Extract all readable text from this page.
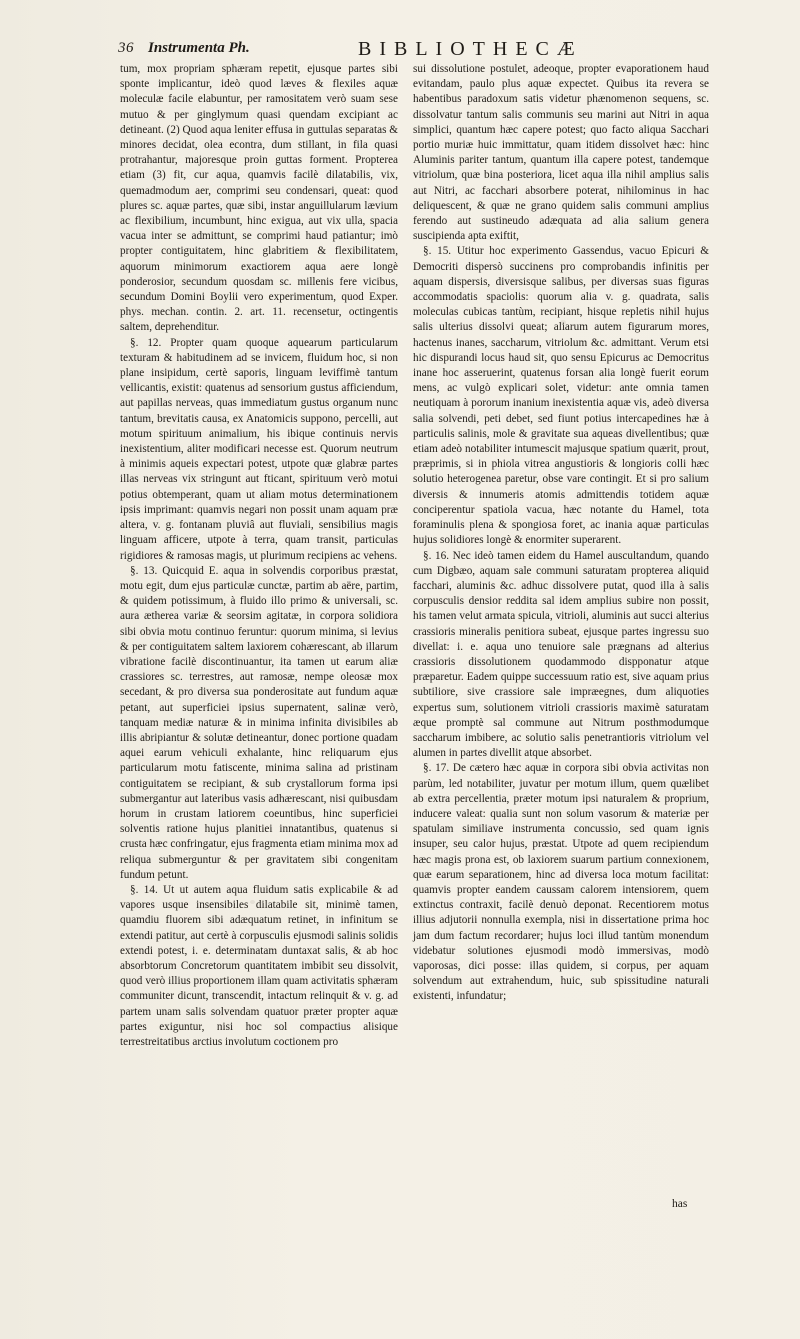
36 Instrumenta Ph.	BIBLIOTHECÆ

tum, mox propriam sphæram repetit, ejusque partes sibi sponte implicantur, ideò quod læves & flexiles aquæ moleculæ facile elabuntur, per ramositatem verò suam sese mutuo & per ginglymum quasi quendam excipiant ac detineant. (2) Quod aqua leniter effusa in guttulas separatas & minores decidat, olea econtra, dum stillant, in fila quasi protrahantur, majoresque proin guttas forment. Propterea etiam (3) fit, cur aqua, quamvis facilè dilatabilis, vix, quemadmodum aer, comprimi seu condensari, queat: quod plures sc. aquæ partes, quæ sibi, instar anguillularum lævium ac flexibilium, incumbunt, hinc exigua, aut vix ulla, spacia vacua inter se admittunt, se comprimi haud patiantur; imò propter contiguitatem, hinc glabritiem & flexibilitatem, aquorum minimorum exactiorem aqua aere longè ponderosior, secundum quosdam sc. millenis fere vicibus, secundum Domini Boylii vero experimentum, quod Exper. phys. mechan. contin. 2. art. 11. recensetur, octingentis saltem, deprehenditur.

§. 12. Propter quam quoque aquearum particularum texturam & habitudinem ad se invicem, fluidum hoc, si non plane insipidum, certè saporis, linguam leviffimè tantum vellicantis, existit: quatenus ad sensorium gustus afficiendum, aut papillas nerveas, quas immediatum gustus organum nunc tantum, brevitatis causa, ex Anatomicis suppono, percelli, aut motum spirituum animalium, his ibique continuis nervis inexistentium, aliter modificari necesse est. Quorum neutrum à minimis aqueis expectari potest, utpote quæ glabræ partes illas nerveas vix stringunt aut fticant, spirituum verò motui potius obtemperant, quam ut aliam motus determinationem ipsis imprimant: quamvis negari non possit unam aquam præ altera, v. g. fontanam pluviâ aut fluviali, sensibilius magis linguam afficere, utpote à terra, quam transit, particulas rigidiores & ramosas magis, ut plurimum recipiens ac vehens.

§. 13. Quicquid E. aqua in solvendis corporibus præstat, motu egit, dum ejus particulæ cunctæ, partim ab aëre, partim, & quidem potissimum, à fluido illo primo & universali, sc. aura ætherea variæ & seorsim agitatæ, in corpora solidiora sibi obvia motu continuo feruntur: quorum minima, si levius & per contiguitatem saltem laxiorem cohærescant, ab illarum vibratione facilè discontinuantur, ita tamen ut earum aliæ crassiores sc. terrestres, aut ramosæ, nempe oleosæ mox secedant, & pro diversa sua ponderositate aut fundum aquæ petant, aut superficiei ipsius supernatent, salinæ verò, tanquam mediæ naturæ & in minima infinita divisibiles ab illis abripiantur & solutæ detineantur, donec portione quadam aquei earum vehiculi exhalante, hinc reliquarum ejus particularum motu fatiscente, minima salina ad pristinam contiguitatem se recipiant, & sub crystallorum forma ipsi submergantur aut lateribus vasis adhærescant, nisi quibusdam horum in crustam latiorem coeuntibus, hinc superficiei solventis ratione hujus planitiei innatantibus, quatenus si crusta hæc confringatur, ejus fragmenta etiam minima mox ad reliqua submerguntur & per gravitatem sibi congenitam fundum petunt.

§. 14. Ut ut autem aqua fluidum satis explicabile & ad vapores usque insensibiles dilatabile sit, minimè tamen, quamdiu fluorem sibi adæquatum retinet, in infinitum se extendi patitur, aut certè à corpusculis ejusmodi salinis solidis extendi potest, i. e. determinatam duntaxat salis, & ab hoc absorbtorum Concretorum quantitatem imbibit seu dissolvit, quod verò illius proportionem illam quam activitatis sphæram communiter dicunt, transcendit, intactum relinquit & v. g. ad partem unam salis solvendam quatuor præter propter aquæ partes exiguntur, nisi hoc sol compactius alisique terrestreitatibus arctius involutum coctionem pro

sui dissolutione postulet, adeoque, propter evaporationem haud evitandam, paulo plus aquæ expectet. Quibus ita revera se habentibus paradoxum satis videtur phænomenon sequens, sc. dissolvatur tantum salis communis seu marini aut Nitri in aqua simplici, quantum hæc capere potest; quo facto aliqua Sacchari portio muriæ huic immittatur, quam itidem dissolvet hæc: hinc Aluminis pariter tantum, quantum illa capere potest, tandemque vitriolum, quæ bina posteriora, licet aqua illa nihil amplius salis aut Nitri, ac facchari absorbere poterat, nihilominus in hac deliquescent, & quæ ne grano quidem salis communi amplius ferendo aut sustineudo adæquata ad alia salium genera suscipienda apta exiftit,

§. 15. Utitur hoc experimento Gassendus, vacuo Epicuri & Democriti dispersò succinens pro comprobandis infinitis per aquam dispersis, diversisque salibus, per diversas suas figuras accommodatis spaciolis: quorum alia v. g. quadrata, salis moleculas cubicas tantùm, recipiant, hisque repletis nihil hujus salis ulterius dissolvi queat; aliarum autem figurarum mores, hactenus inanes, saccharum, vitriolum &c. admittant. Verum etsi hic dispurandi locus haud sit, quo sensu Epicurus ac Democritus inane hoc asseruerint, quatenus forsan alia longè fuerit eorum mens, ac vulgò explicari solet, videtur: ante omnia tamen neutiquam à pororum inanium inexistentia aquæ vis, adeò diversa salia solvendi, peti debet, sed fiunt potius intercapedines hæ à particulis salinis, mole & gravitate sua aqueas divellentibus; quæ etiam adeò notabiliter intumescit majusque spatium quærit, prout, præprimis, si in phiola vitrea angustioris & longioris colli hæc solutio heterogenea paretur, obse vare contingit. Et si pro salium diversis & innumeris atomis admittendis totidem aquæ conciperentur spatiola vacua, hæc notante du Hamel, tota foraminulis plena & spongiosa foret, ac inania aquæ particulas hujus solidiores longè & enormiter superarent.

§. 16. Nec ideò tamen eidem du Hamel auscultandum, quando cum Digbæo, aquam sale communi saturatam propterea aliquid facchari, aluminis &c. adhuc dissolvere putat, quod illa à salis corpusculis densior reddita sal idem amplius subire non possit, his tamen velut armata spicula, vitrioli, aluminis aut succi alterius crassioris mineralis penitiora subeat, ejusque partes ingressu suo divellat: i. e. aqua uno tenuiore sale prægnans ad alterius crassioris dissolutionem quodammodo dispponatur atque præparetur. Eadem quippe successuum ratio est, sive aquam prius subtiliore, sive crassiore sale impræegnes, dum aliquoties expertus sum, solutionem vitrioli crassioris maximè saturatam æque promptè sal commune aut Nitrum posthmodumque saccharum imbibere, ac solutio salis penetrantioris vitriolum vel alumen in partes divellit atque absorbet.

§. 17. De cætero hæc aquæ in corpora sibi obvia activitas non parùm, led notabiliter, juvatur per motum illum, quem quælibet ab extra percellentia, præter motum ipsi naturalem & proprium, inducere valeat: qualia sunt non solum vasorum & materiæ per spatulam similiave instrumenta concussio, sed quam ignis insuper, seu calor hujus, præstat. Utpote ad quem recipiendum hæc magis prona est, ob laxiorem suarum partium connexionem, quæ earum separationem, hinc ad diversa loca motum facilitat: quamvis propter eandem caussam calorem intensiorem, quem extinctus contraxit, facilè denuò deponat. Recentiorem motus illius adjutorii nonnulla exempla, nisi in dissertatione prima hoc jam dum factum recordarer; hujus loci illud tantùm monendum videbatur solutiones ejusmodi modò immersivas, modò vaporosas, dici posse: illas quidem, si corpus, per aquam solvendum aut extrahendum, huic, sub spissitudine naturali existenti, infundatur;

has
